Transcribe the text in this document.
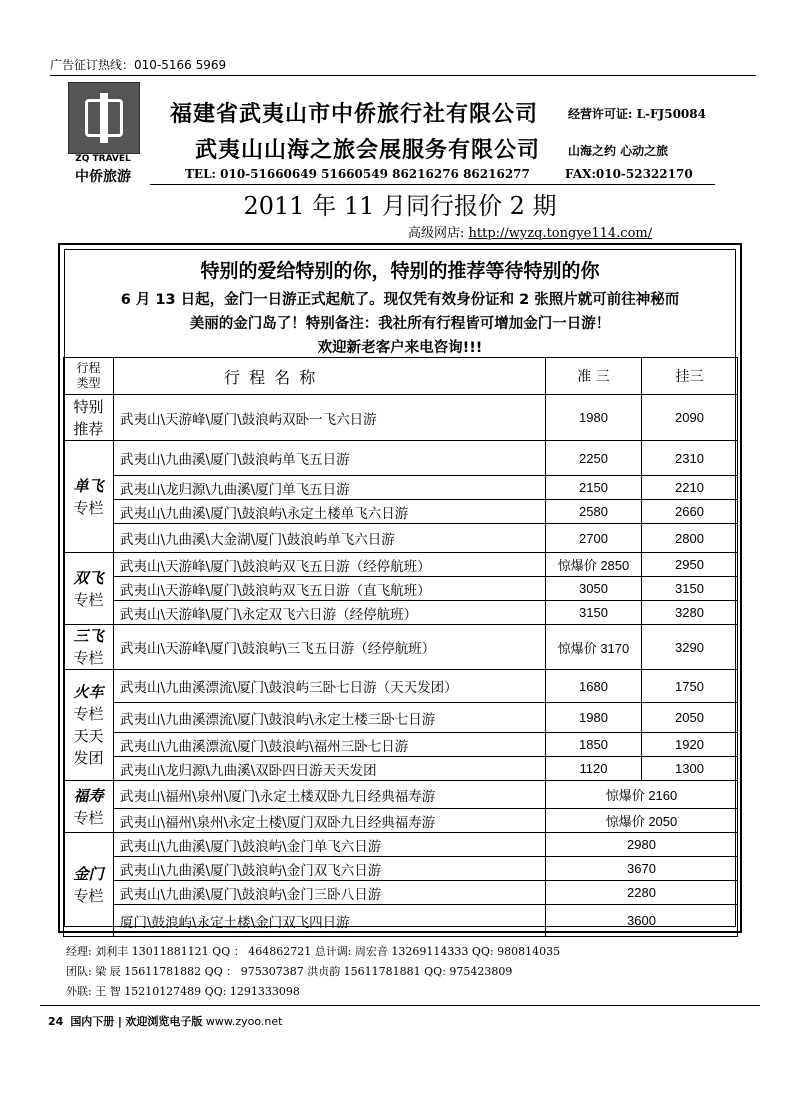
广告征订热线：010-5166 5969
ZQ TRAVEL
中侨旅游
福建省武夷山市中侨旅行社有限公司
武夷山山海之旅会展服务有限公司
经营许可证: L-FJ50084
山海之约 心动之旅
TEL: 010-51660649 51660549 86216276 86216277	FAX:010-52322170
2011 年 11 月同行报价 2 期
高级网店: http://wyzq.tongye114.com/
特别的爱给特别的你，特别的推荐等待特别的你
6 月 13 日起，金门一日游正式起航了。现仅凭有效身份证和 2 张照片就可前往神秘而
美丽的金门岛了！特别备注：我社所有行程皆可增加金门一日游！
欢迎新老客户来电咨询!!!
行程类型	行 程 名 称	准 三	挂三

特别
推荐	武夷山\天游峰\厦门\鼓浪屿双卧一飞六日游	1980	2090

单飞
专栏	武夷山\九曲溪\厦门\鼓浪屿单飞五日游	2250	2310
	武夷山\龙归源\九曲溪\厦门单飞五日游	2150	2210
	武夷山\九曲溪\厦门\鼓浪屿\永定土楼单飞六日游	2580	2660
	武夷山\九曲溪\大金湖\厦门\鼓浪屿单飞六日游	2700	2800

双飞
专栏	武夷山\天游峰\厦门\鼓浪屿双飞五日游（经停航班）	惊爆价 2850	2950
	武夷山\天游峰\厦门\鼓浪屿双飞五日游（直飞航班）	3050	3150
	武夷山\天游峰\厦门\永定双飞六日游（经停航班）	3150	3280

三飞
专栏	武夷山\天游峰\厦门\鼓浪屿\三飞五日游（经停航班）	惊爆价 3170	3290

火车
专栏
天天
发团	武夷山\九曲溪漂流\厦门\鼓浪屿三卧七日游（天天发团）	1680	1750
	武夷山\九曲溪漂流\厦门\鼓浪屿\永定土楼三卧七日游	1980	2050
	武夷山\九曲溪漂流\厦门\鼓浪屿\福州三卧七日游	1850	1920
	武夷山\龙归源\九曲溪\双卧四日游天天发团	1120	1300

福寿
专栏	武夷山\福州\泉州\厦门\永定土楼双卧九日经典福寿游	惊爆价 2160	
	武夷山\福州\泉州\永定土楼\厦门双卧九日经典福寿游	惊爆价 2050	

金门
专栏	武夷山\九曲溪\厦门\鼓浪屿\金门单飞六日游	2980	
	武夷山\九曲溪\厦门\鼓浪屿\金门双飞六日游	3670	
	武夷山\九曲溪\厦门\鼓浪屿\金门三卧八日游	2280	
	厦门\鼓浪屿\永定土楼\金门双飞四日游	3600	
经理: 刘利丰 13011881121 QQ ： 464862721 总计调: 周宏音 13269114333 QQ: 980814035
团队: 梁 辰 15611781882 QQ ： 975307387 洪贞韵 15611781881 QQ: 975423809
外联: 王 智 15210127489 QQ: 1291333098
24 国内下册 | 欢迎浏览电子版 www.zyoo.net
